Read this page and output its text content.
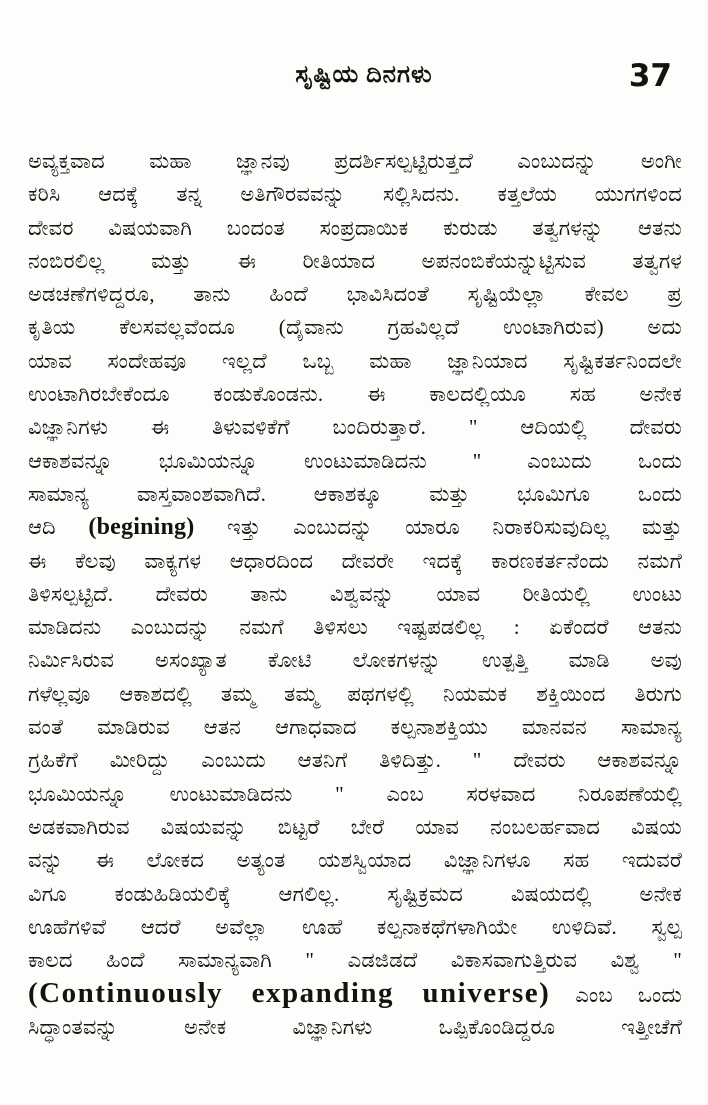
ಸೃಷ್ಟಿಯ ದಿನಗಳು	37
ಅವ್ಯಕ್ತವಾದ ಮಹಾ ಜ್ಞಾನವು ಪ್ರದರ್ಶಿಸಲ್ಪಟ್ಟಿರುತ್ತದೆ ಎಂಬುದನ್ನು ಅಂಗೀ
ಕರಿಸಿ ಆದಕ್ಕೆ ತನ್ನ ಅತಿಗೌರವವನ್ನು ಸಲ್ಲಿಸಿದನು. ಕತ್ತಲೆಯ ಯುಗಗಳಿಂದ
ದೇವರ ವಿಷಯವಾಗಿ ಬಂದಂತ ಸಂಪ್ರದಾಯಿಕ ಕುರುಡು ತತ್ವಗಳನ್ನು ಆತನು
ನಂಬಿರಲಿಲ್ಲ ಮತ್ತು ಈ ರೀತಿಯಾದ ಅಪನಂಬಿಕೆಯನ್ನುಟ್ಟಿಸುವ ತತ್ವಗಳ
ಅಡಚಣೆಗಳಿದ್ದರೂ, ತಾನು ಹಿಂದೆ ಭಾವಿಸಿದಂತೆ ಸೃಷ್ಟಿಯೆಲ್ಲಾ ಕೇವಲ ಪ್ರ
ಕೃತಿಯ ಕೆಲಸವಲ್ಲವೆಂದೂ (ದೈವಾನು ಗ್ರಹವಿಲ್ಲದೆ ಉಂಟಾಗಿರುವ) ಅದು
ಯಾವ ಸಂದೇಹವೂ ಇಲ್ಲದೆ ಒಬ್ಬ ಮಹಾ ಜ್ಞಾನಿಯಾದ ಸೃಷ್ಟಿಕರ್ತನಿಂದಲೇ
ಉಂಟಾಗಿರಬೇಕೆಂದೂ ಕಂಡುಕೊಂಡನು. ಈ ಕಾಲದಲ್ಲಿಯೂ ಸಹ ಅನೇಕ
ವಿಜ್ಞಾನಿಗಳು ಈ ತಿಳುವಳಿಕೆಗೆ ಬಂದಿರುತ್ತಾರೆ. " ಆದಿಯಲ್ಲಿ ದೇವರು
ಆಕಾಶವನ್ನೂ ಭೂಮಿಯನ್ನೂ ಉಂಟುಮಾಡಿದನು '' ಎಂಬುದು ಒಂದು
ಸಾಮಾನ್ಯ ವಾಸ್ತವಾಂಶವಾಗಿದೆ. ಆಕಾಶಕ್ಕೂ ಮತ್ತು ಭೂಮಿಗೂ ಒಂದು
ಆದಿ (begining) ಇತ್ತು ಎಂಬುದನ್ನು ಯಾರೂ ನಿರಾಕರಿಸುವುದಿಲ್ಲ ಮತ್ತು
ಈ ಕೆಲವು ವಾಕ್ಯಗಳ ಆಧಾರದಿಂದ ದೇವರೇ ಇದಕ್ಕೆ ಕಾರಣಕರ್ತನೆಂದು ನಮಗೆ
ತಿಳಿಸಲ್ಪಟ್ಟಿದೆ. ದೇವರು ತಾನು ವಿಶ್ವವನ್ನು ಯಾವ ರೀತಿಯಲ್ಲಿ ಉಂಟು
ಮಾಡಿದನು ಎಂಬುದನ್ನು ನಮಗೆ ತಿಳಿಸಲು ಇಷ್ಟಪಡಲಿಲ್ಲ : ಏಕೆಂದರೆ ಆತನು
ನಿರ್ಮಿಸಿರುವ ಅಸಂಖ್ಯಾತ ಕೋಟಿ ಲೋಕಗಳನ್ನು ಉತ್ಪತ್ತಿ ಮಾಡಿ ಅವು
ಗಳೆಲ್ಲವೂ ಆಕಾಶದಲ್ಲಿ ತಮ್ಮ ತಮ್ಮ ಪಥಗಳಲ್ಲಿ ನಿಯಮಕ ಶಕ್ತಿಯಿಂದ ತಿರುಗು
ವಂತೆ ಮಾಡಿರುವ ಆತನ ಆಗಾಧವಾದ ಕಲ್ಪನಾಶಕ್ತಿಯು ಮಾನವನ ಸಾಮಾನ್ಯ
ಗ್ರಹಿಕೆಗೆ ಮೀರಿದ್ದು ಎಂಬುದು ಆತನಿಗೆ ತಿಳಿದಿತ್ತು. " ದೇವರು ಆಕಾಶವನ್ನೂ
ಭೂಮಿಯನ್ನೂ ಉಂಟುಮಾಡಿದನು " ಎಂಬ ಸರಳವಾದ ನಿರೂಪಣೆಯಲ್ಲಿ
ಅಡಕವಾಗಿರುವ ವಿಷಯವನ್ನು ಬಿಟ್ಟರೆ ಬೇರೆ ಯಾವ ನಂಬಲರ್ಹವಾದ ವಿಷಯ
ವನ್ನು ಈ ಲೋಕದ ಅತ್ಯಂತ ಯಶಸ್ವಿಯಾದ ವಿಜ್ಞಾನಿಗಳೂ ಸಹ ಇದುವರೆ
ವಿಗೂ ಕಂಡುಹಿಡಿಯಲಿಕ್ಕೆ ಆಗಲಿಲ್ಲ. ಸೃಷ್ಟಿಕ್ರಮದ ವಿಷಯದಲ್ಲಿ ಅನೇಕ
ಊಹೆಗಳಿವೆ ಆದರೆ ಅವೆಲ್ಲಾ ಊಹೆ ಕಲ್ಪನಾಕಥೆಗಳಾಗಿಯೇ ಉಳಿದಿವೆ. ಸ್ವಲ್ಪ
ಕಾಲದ ಹಿಂದೆ ಸಾಮಾನ್ಯವಾಗಿ " ಎಡಜಿಡದೆ ವಿಕಾಸವಾಗುತ್ತಿರುವ ವಿಶ್ವ "
(Continuously expanding universe) ಎಂಬ ಒಂದು
ಸಿದ್ಧಾಂತವನ್ನು ಅನೇಕ ವಿಜ್ಞಾನಿಗಳು ಒಪ್ಪಿಕೊಂಡಿದ್ದರೂ ಇತ್ತೀಚೆಗೆ
